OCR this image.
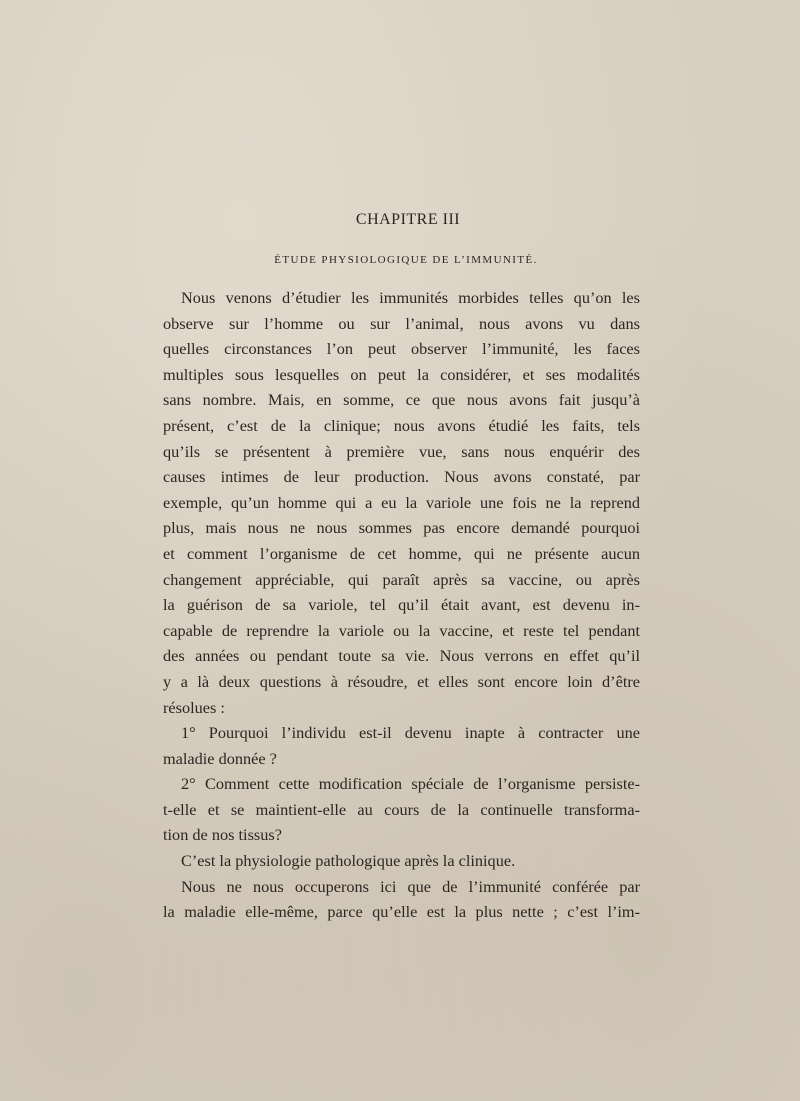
CHAPITRE III
ÉTUDE PHYSIOLOGIQUE DE L’IMMUNITÉ.
Nous venons d’étudier les immunités morbides telles qu’on les
observe sur l’homme ou sur l’animal, nous avons vu dans
quelles circonstances l’on peut observer l’immunité, les faces
multiples sous lesquelles on peut la considérer, et ses modalités
sans nombre. Mais, en somme, ce que nous avons fait jusqu’à
présent, c’est de la clinique; nous avons étudié les faits, tels
qu’ils se présentent à première vue, sans nous enquérir des
causes intimes de leur production. Nous avons constaté, par
exemple, qu’un homme qui a eu la variole une fois ne la reprend
plus, mais nous ne nous sommes pas encore demandé pourquoi
et comment l’organisme de cet homme, qui ne présente aucun
changement appréciable, qui paraît après sa vaccine, ou après
la guérison de sa variole, tel qu’il était avant, est devenu in-
capable de reprendre la variole ou la vaccine, et reste tel pendant
des années ou pendant toute sa vie. Nous verrons en effet qu’il
y a là deux questions à résoudre, et elles sont encore loin d’être
résolues :
1° Pourquoi l’individu est-il devenu inapte à contracter une
maladie donnée ?
2° Comment cette modification spéciale de l’organisme persiste-
t-elle et se maintient-elle au cours de la continuelle transforma-
tion de nos tissus?
C’est la physiologie pathologique après la clinique.
Nous ne nous occuperons ici que de l’immunité conférée par
la maladie elle-même, parce qu’elle est la plus nette ; c’est l’im-
